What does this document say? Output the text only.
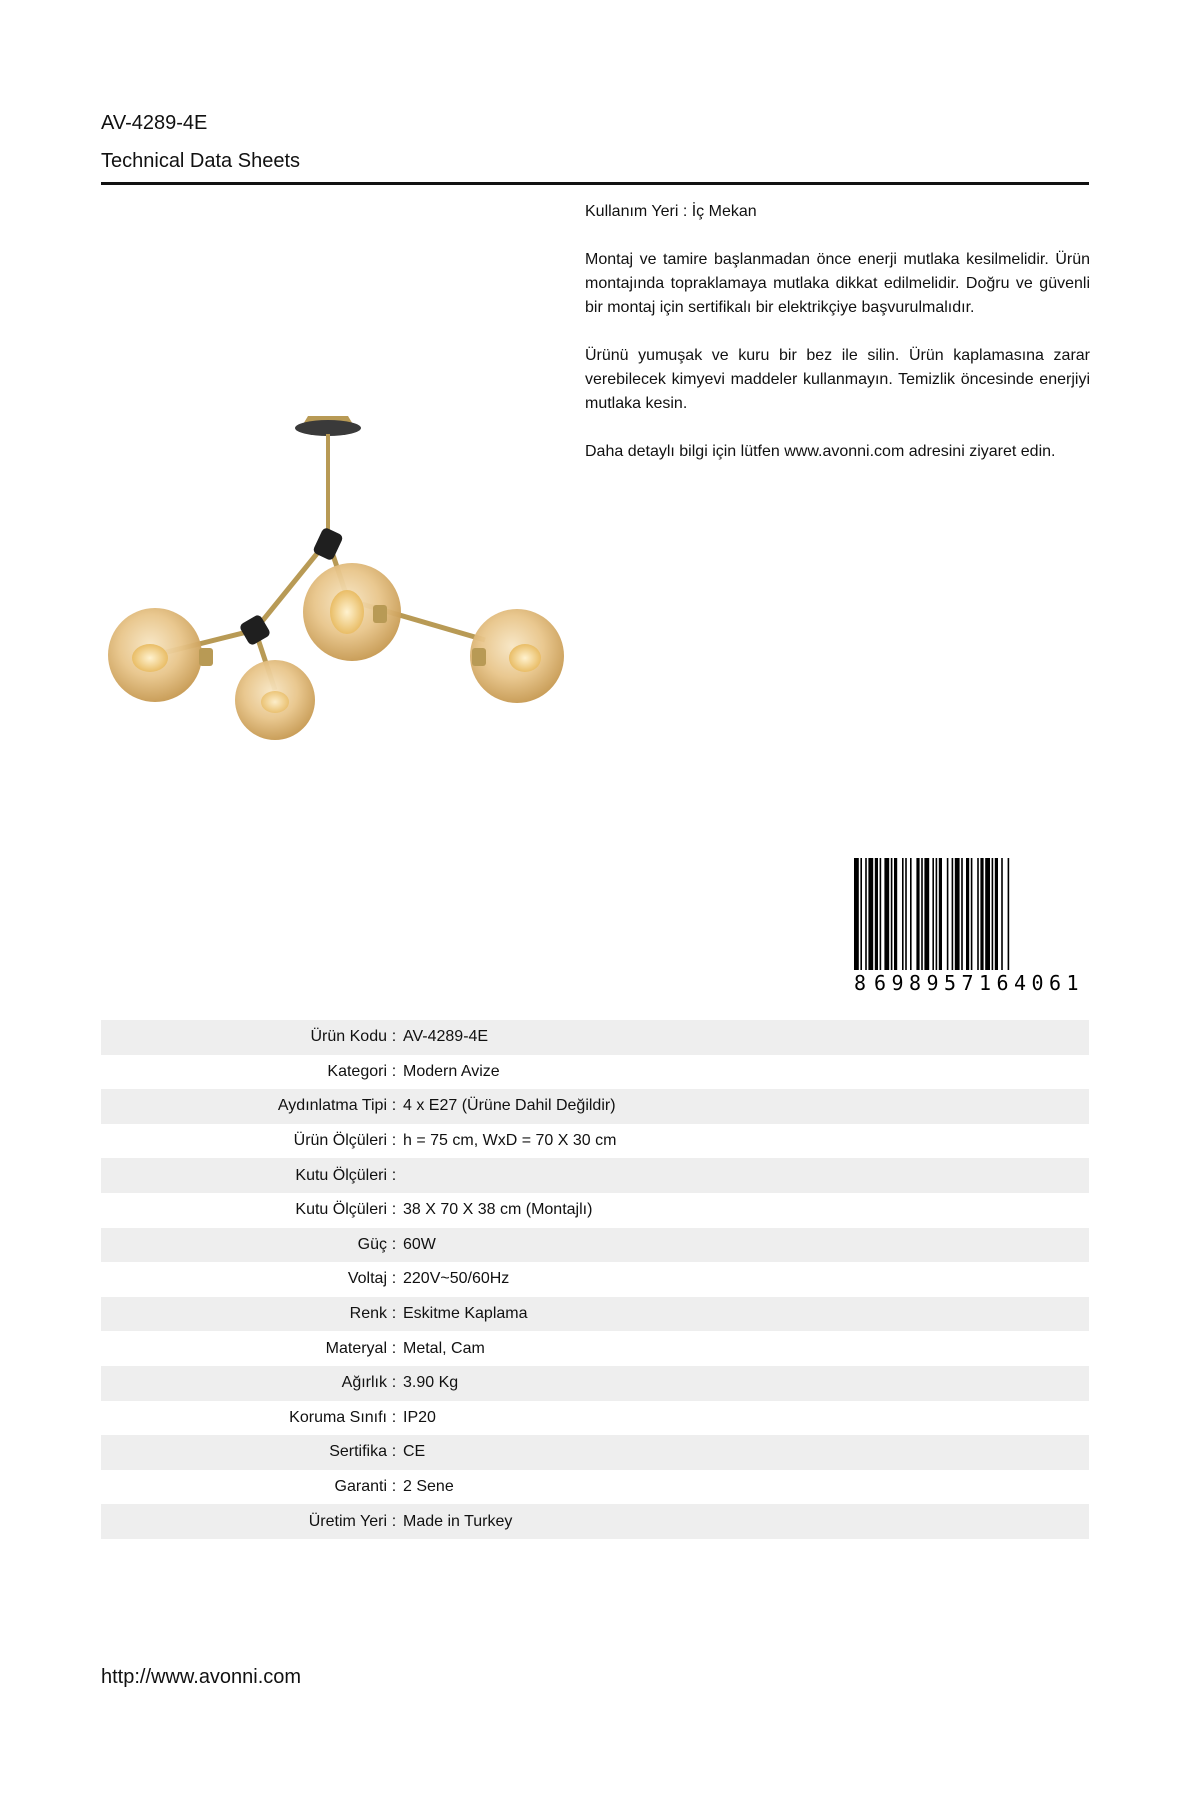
AV-4289-4E
Technical Data Sheets

Kullanım Yeri : İç Mekan

Montaj ve tamire başlanmadan önce enerji mutlaka kesilmelidir. Ürün montajında topraklamaya mutlaka dikkat edilmelidir. Doğru ve güvenli bir montaj için sertifikalı bir elektrikçiye başvurulmalıdır.

Ürünü yumuşak ve kuru bir bez ile silin. Ürün kaplamasına zarar verebilecek kimyevi maddeler kullanmayın. Temizlik öncesinde enerjiyi mutlaka kesin.

Daha detaylı bilgi için lütfen www.avonni.com adresini ziyaret edin.

8 6 9 8 9 5 7 1 6 4 0 6 1
Ürün Kodu : AV-4289-4E
Kategori : Modern Avize
Aydınlatma Tipi : 4 x E27 (Ürüne Dahil Değildir)
Ürün Ölçüleri : h = 75 cm, WxD = 70 X 30 cm
Kutu Ölçüleri :
Kutu Ölçüleri : 38 X 70 X 38 cm (Montajlı)
Güç : 60W
Voltaj : 220V~50/60Hz
Renk : Eskitme Kaplama
Materyal : Metal, Cam
Ağırlık : 3.90 Kg
Koruma Sınıfı : IP20
Sertifika : CE
Garanti : 2 Sene
Üretim Yeri : Made in Turkey
http://www.avonni.com
